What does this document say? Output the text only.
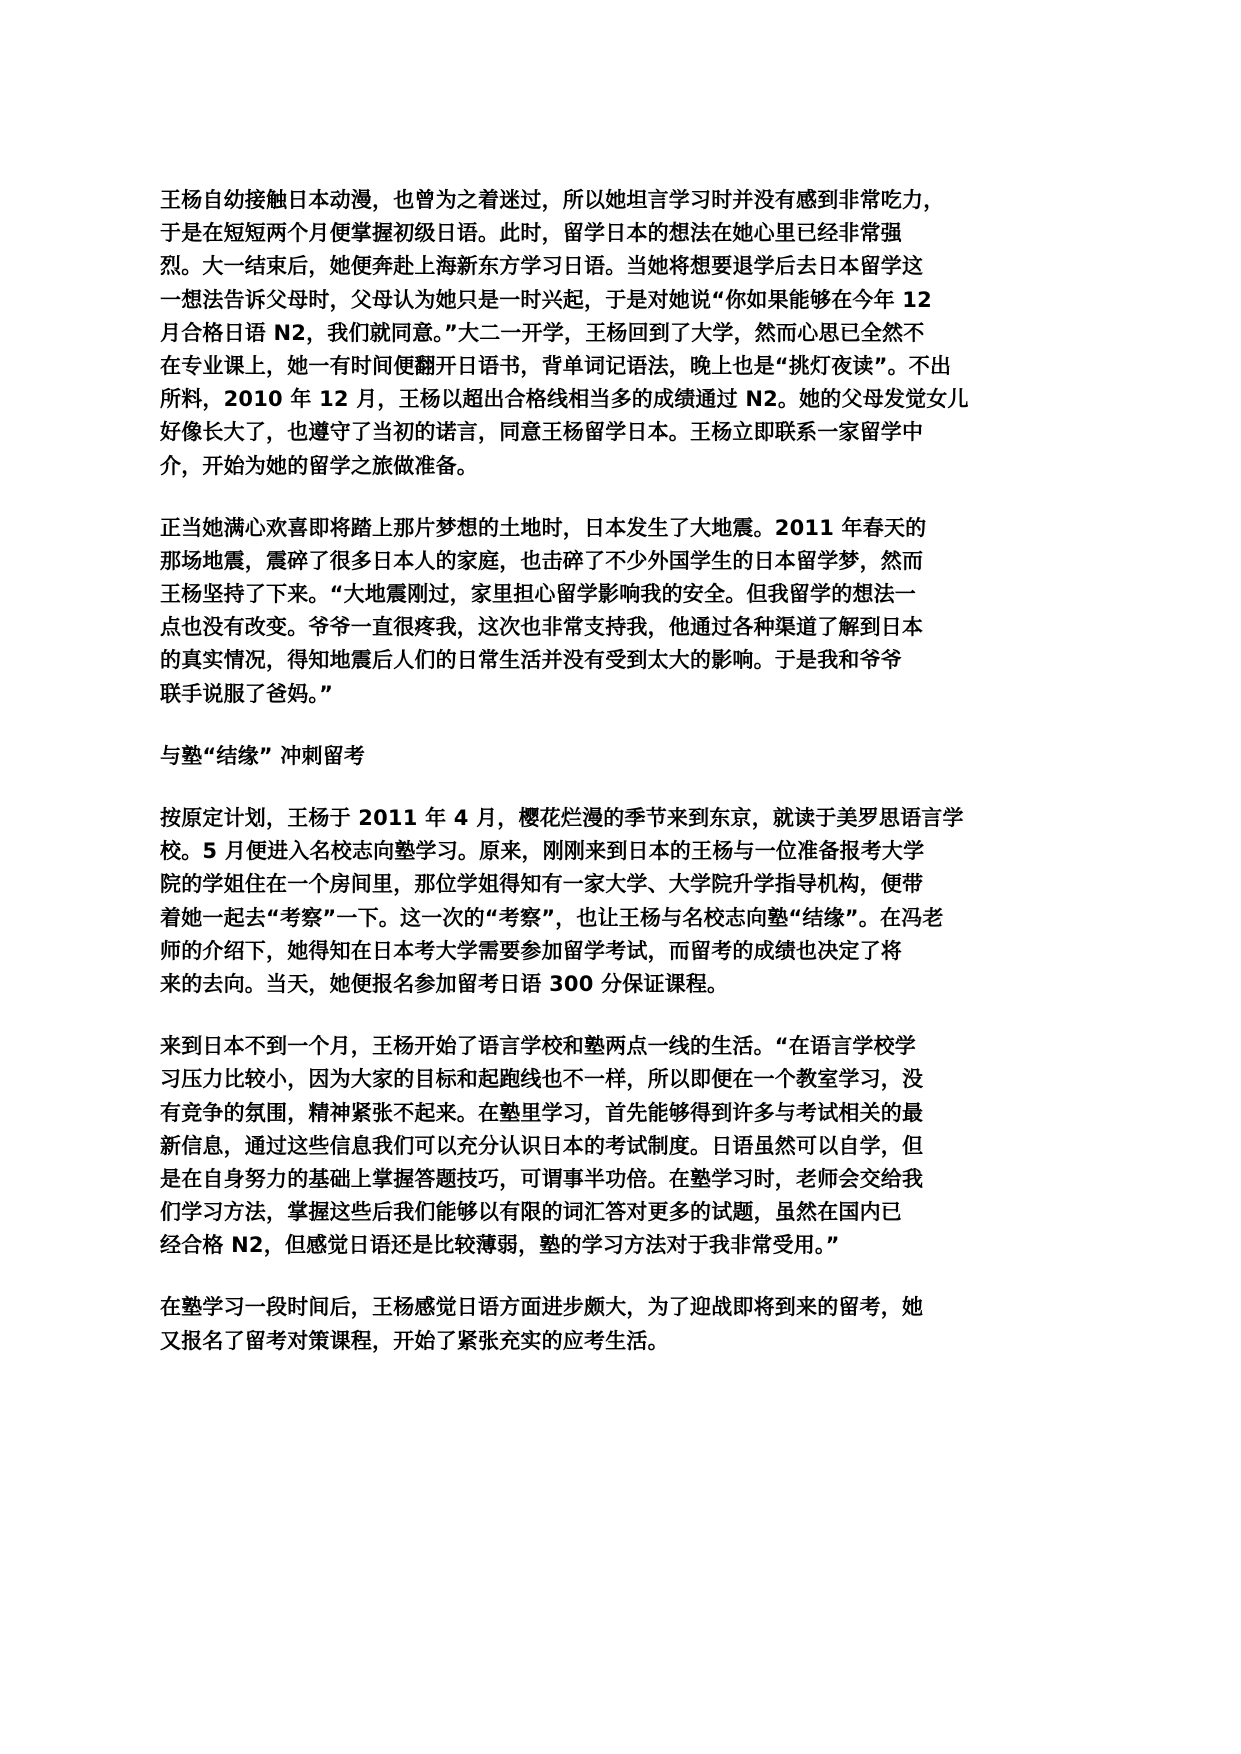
王杨自幼接触日本动漫，也曾为之着迷过，所以她坦言学习时并没有感到非常吃力，
于是在短短两个月便掌握初级日语。此时，留学日本的想法在她心里已经非常强
烈。大一结束后，她便奔赴上海新东方学习日语。当她将想要退学后去日本留学这
一想法告诉父母时，父母认为她只是一时兴起，于是对她说“你如果能够在今年 12
月合格日语 N2，我们就同意。”大二一开学，王杨回到了大学，然而心思已全然不
在专业课上，她一有时间便翻开日语书，背单词记语法，晚上也是“挑灯夜读”。不出
所料，2010 年 12 月，王杨以超出合格线相当多的成绩通过 N2。她的父母发觉女儿
好像长大了，也遵守了当初的诺言，同意王杨留学日本。王杨立即联系一家留学中
介，开始为她的留学之旅做准备。
正当她满心欢喜即将踏上那片梦想的土地时，日本发生了大地震。2011 年春天的
那场地震，震碎了很多日本人的家庭，也击碎了不少外国学生的日本留学梦，然而
王杨坚持了下来。“大地震刚过，家里担心留学影响我的安全。但我留学的想法一
点也没有改变。爷爷一直很疼我，这次也非常支持我，他通过各种渠道了解到日本
的真实情况，得知地震后人们的日常生活并没有受到太大的影响。于是我和爷爷
联手说服了爸妈。”
与塾“结缘” 冲刺留考
按原定计划，王杨于 2011 年 4 月，樱花烂漫的季节来到东京，就读于美罗思语言学
校。5 月便进入名校志向塾学习。原来，刚刚来到日本的王杨与一位准备报考大学
院的学姐住在一个房间里，那位学姐得知有一家大学、大学院升学指导机构，便带
着她一起去“考察”一下。这一次的“考察”，也让王杨与名校志向塾“结缘”。在冯老
师的介绍下，她得知在日本考大学需要参加留学考试，而留考的成绩也决定了将
来的去向。当天，她便报名参加留考日语 300 分保证课程。
来到日本不到一个月，王杨开始了语言学校和塾两点一线的生活。“在语言学校学
习压力比较小，因为大家的目标和起跑线也不一样，所以即便在一个教室学习，没
有竞争的氛围，精神紧张不起来。在塾里学习，首先能够得到许多与考试相关的最
新信息，通过这些信息我们可以充分认识日本的考试制度。日语虽然可以自学，但
是在自身努力的基础上掌握答题技巧，可谓事半功倍。在塾学习时，老师会交给我
们学习方法，掌握这些后我们能够以有限的词汇答对更多的试题，虽然在国内已
经合格 N2，但感觉日语还是比较薄弱，塾的学习方法对于我非常受用。”
在塾学习一段时间后，王杨感觉日语方面进步颇大，为了迎战即将到来的留考，她
又报名了留考对策课程，开始了紧张充实的应考生活。
